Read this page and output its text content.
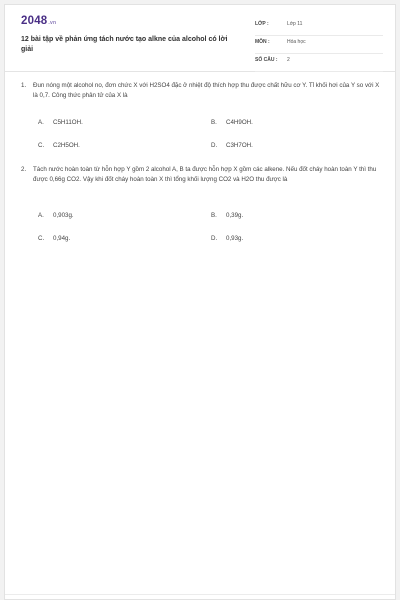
2048.vn
12 bài tập về phản ứng tách nước tạo alkne của alcohol có lời giải
LỚP :	Lớp 11
MÔN :	Hóa học
SỐ CÂU : 2
1. Đun nóng một alcohol no, đơn chức X với H2SO4 đặc ở nhiệt độ thích hợp thu được chất hữu cơ Y. Tỉ khối hơi của Y so với X là 0,7. Công thức phân tử của X là
A. C5H11OH.	B. C4H9OH.
C. C2H5OH.	D. C3H7OH.
2. Tách nước hoàn toàn từ hỗn hợp Y gồm 2 alcohol A, B ta được hỗn hợp X gồm các alkene. Nếu đốt cháy hoàn toàn Y thì thu được 0,66g CO2. Vậy khi đốt cháy hoàn toàn X thì tổng khối lượng CO2 và H2O thu được là
A. 0,903g.	B. 0,39g.
C. 0,94g.	D. 0,93g.
